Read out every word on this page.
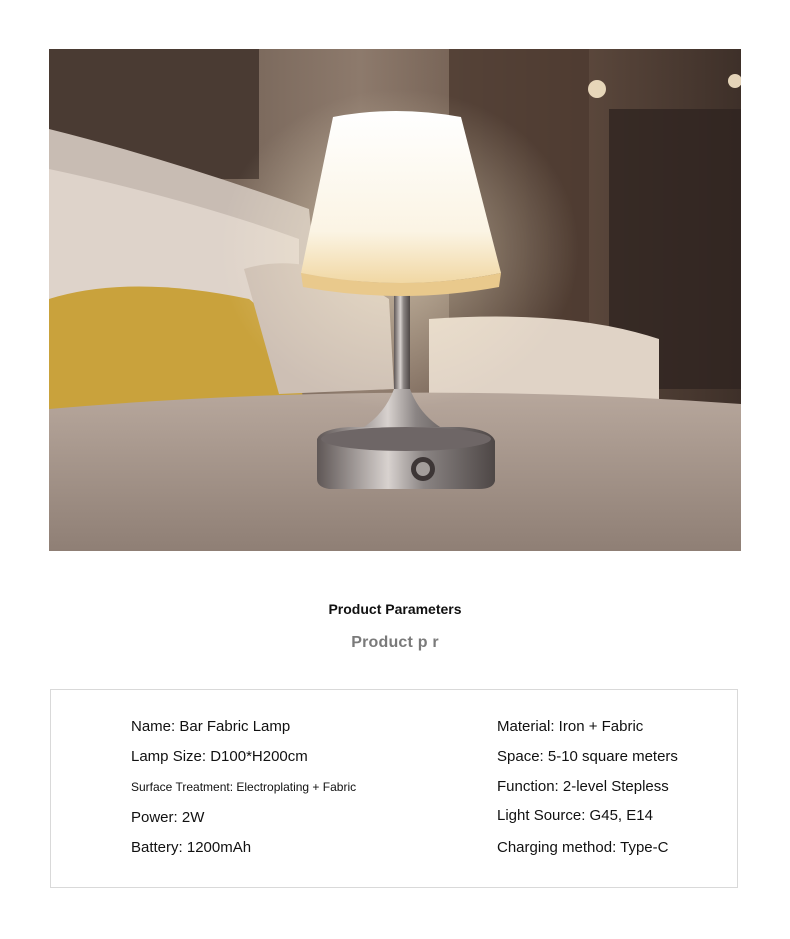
Product Parameters
Product p r
Name: Bar Fabric Lamp
Lamp Size: D100*H200cm
Surface Treatment: Electroplating + Fabric
Power: 2W
Battery: 1200mAh
Material: Iron + Fabric
Space: 5-10 square meters
Function: 2-level Stepless
Light Source: G45, E14
Charging method: Type-C
